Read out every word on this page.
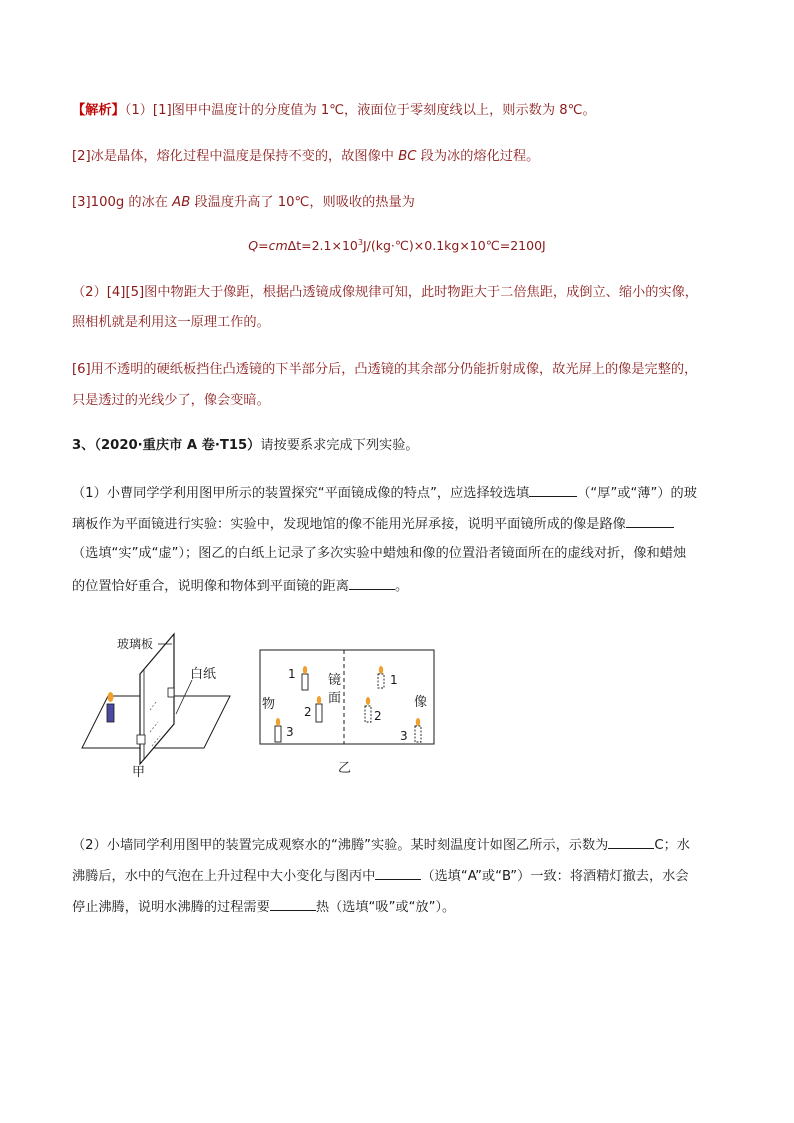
【解析】（1）[1]图甲中温度计的分度值为 1℃，液面位于零刻度线以上，则示数为 8℃。
[2]冰是晶体，熔化过程中温度是保持不变的，故图像中 BC 段为冰的熔化过程。
[3]100g 的冰在 AB 段温度升高了 10℃，则吸收的热量为
$Q=cm\Delta t=2.1\times 10^3J/(kg\cdot℃)\times 0.1kg\times 10℃=2100J$
（2）[4][5]图中物距大于像距，根据凸透镜成像规律可知，此时物距大于二倍焦距，成倒立、缩小的实像，
照相机就是利用这一原理工作的。
[6]用不透明的硬纸板挡住凸透镜的下半部分后，凸透镜的其余部分仍能折射成像，故光屏上的像是完整的，
只是透过的光线少了，像会变暗。
3、（2020·重庆市 A 卷·T15）请按要系求完成下列实验。
（1）小曹同学学利用图甲所示的装置探究“平面镜成像的特点”，应选择较选填	（“厚”或“薄”）的玻
璃板作为平面镜进行实验：实验中，发现地馆的像不能用光屏承接，说明平面镜所成的像是路像
（选填“实”成“虚”）；图乙的白纸上记录了多次实验中蜡烛和像的位置沿者镜面所在的虚线对折，像和蜡烛
的位置恰好重合，说明像和物体到平面镜的距离	。
玻璃板
白纸
甲
物
镜
面	像
1
2
3
1
2
3
乙
（2）小墙同学利用图甲的装置完成观察水的“沸腾”实验。某时刻温度计如图乙所示，示数为	C；水
沸腾后，水中的气泡在上升过程中大小变化与图丙中	（选填“A”或“B”）一致：将酒精灯撤去，水会
停止沸腾，说明水沸腾的过程需要	热（选填“吸”或“放”）。
